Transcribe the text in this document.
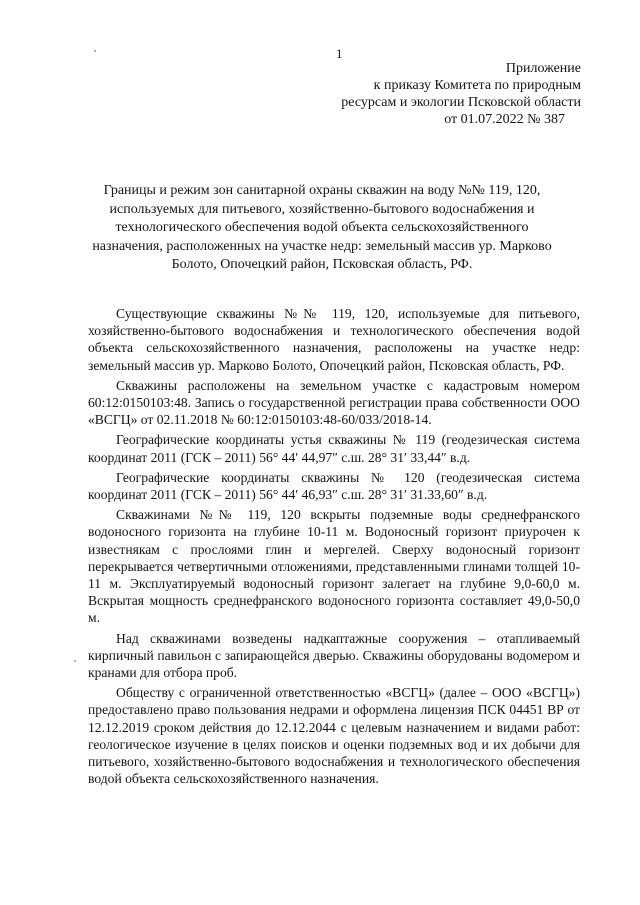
1
Приложение
к приказу Комитета по природным
ресурсам и экологии Псковской области
от 01.07.2022 № 387
Границы и режим зон санитарной охраны скважин на воду №№ 119, 120, используемых для питьевого, хозяйственно-бытового водоснабжения и технологического обеспечения водой объекта сельскохозяйственного назначения, расположенных на участке недр: земельный массив ур. Марково Болото, Опочецкий район, Псковская область, РФ.

Существующие скважины №№ 119, 120, используемые для питьевого, хозяйственно-бытового водоснабжения и технологического обеспечения водой объекта сельскохозяйственного назначения, расположены на участке недр: земельный массив ур. Марково Болото, Опочецкий район, Псковская область, РФ.

Скважины расположены на земельном участке с кадастровым номером 60:12:0150103:48. Запись о государственной регистрации права собственности ООО «ВСГЦ» от 02.11.2018 № 60:12:0150103:48-60/033/2018-14.

Географические координаты устья скважины № 119 (геодезическая система координат 2011 (ГСК – 2011) 56° 44′ 44,97″ с.ш. 28° 31′ 33,44″ в.д.

Географические координаты скважины № 120 (геодезическая система координат 2011 (ГСК – 2011) 56° 44′ 46,93″ с.ш. 28° 31′ 31.33,60″ в.д.

Скважинами №№ 119, 120 вскрыты подземные воды среднефранского водоносного горизонта на глубине 10-11 м. Водоносный горизонт приурочен к известнякам с прослоями глин и мергелей. Сверху водоносный горизонт перекрывается четвертичными отложениями, представленными глинами толщей 10-11 м. Эксплуатируемый водоносный горизонт залегает на глубине 9,0-60,0 м. Вскрытая мощность среднефранского водоносного горизонта составляет 49,0-50,0 м.

Над скважинами возведены надкаптажные сооружения – отапливаемый кирпичный павильон с запирающейся дверью. Скважины оборудованы водомером и кранами для отбора проб.

Обществу с ограниченной ответственностью «ВСГЦ» (далее – ООО «ВСГЦ») предоставлено право пользования недрами и оформлена лицензия ПСК 04451 ВР от 12.12.2019 сроком действия до 12.12.2044 с целевым назначением и видами работ: геологическое изучение в целях поисков и оценки подземных вод и их добычи для питьевого, хозяйственно-бытового водоснабжения и технологического обеспечения водой объекта сельскохозяйственного назначения.
